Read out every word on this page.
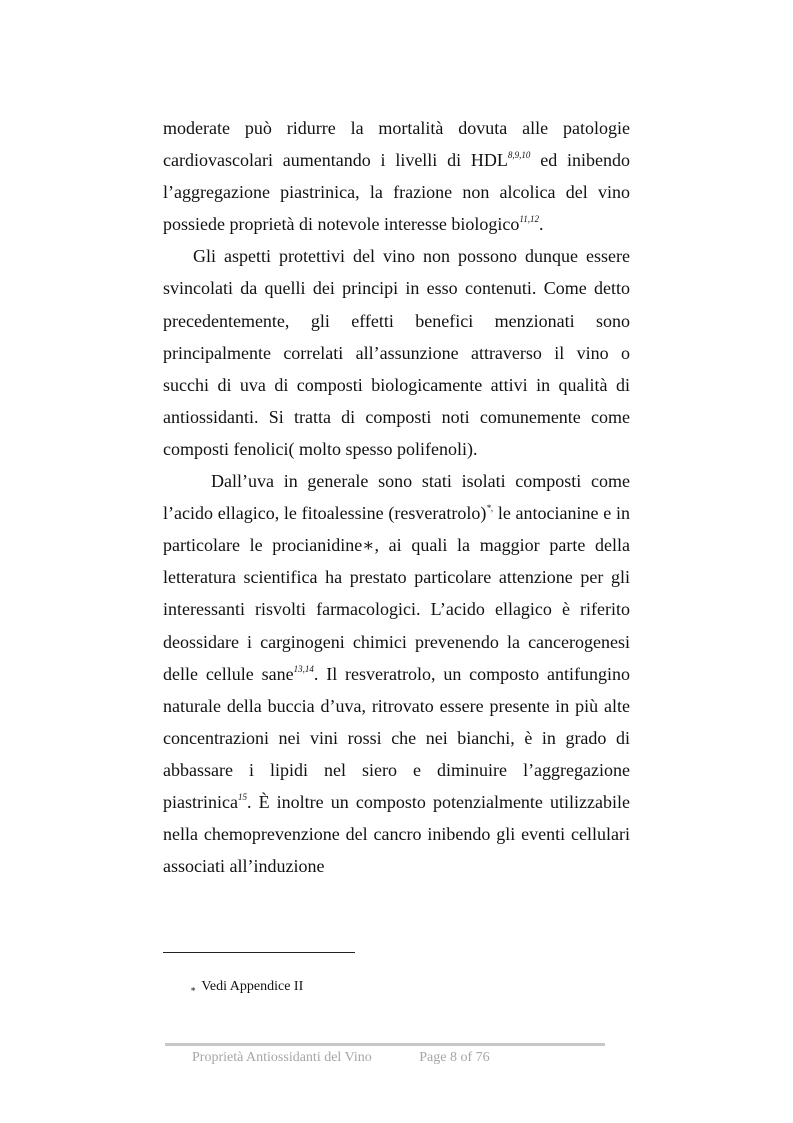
moderate può ridurre la mortalità dovuta alle patologie cardiovascolari aumentando i livelli di HDL$^{8,9,10}$ ed inibendo l’aggregazione piastrinica, la frazione non alcolica del vino possiede proprietà di notevole interesse biologico$^{11,12}$.

Gli aspetti protettivi del vino non possono dunque essere svincolati da quelli dei principi in esso contenuti. Come detto precedentemente, gli effetti benefici menzionati sono principalmente correlati all’assunzione attraverso il vino o succhi di uva di composti biologicamente attivi in qualità di antiossidanti. Si tratta di composti noti comunemente come composti fenolici( molto spesso polifenoli).

Dall’uva in generale sono stati isolati composti come l’acido ellagico, le fitoalessine (resveratrolo)*, le antocianine e in particolare le procianidine∗, ai quali la maggior parte della letteratura scientifica ha prestato particolare attenzione per gli interessanti risvolti farmacologici. L’acido ellagico è riferito deossidare i carginogeni chimici prevenendo la cancerogenesi delle cellule sane$^{13,14}$. Il resveratrolo, un composto antifungino naturale della buccia d’uva, ritrovato essere presente in più alte concentrazioni nei vini rossi che nei bianchi, è in grado di abbassare i lipidi nel siero e diminuire l’aggregazione piastrinica$^{15}$. È inoltre un composto potenzialmente utilizzabile nella chemoprevenzione del cancro inibendo gli eventi cellulari associati all’induzione

∗ Vedi Appendice II
Proprietà Antiossidanti del Vino	Page 8 of 76
